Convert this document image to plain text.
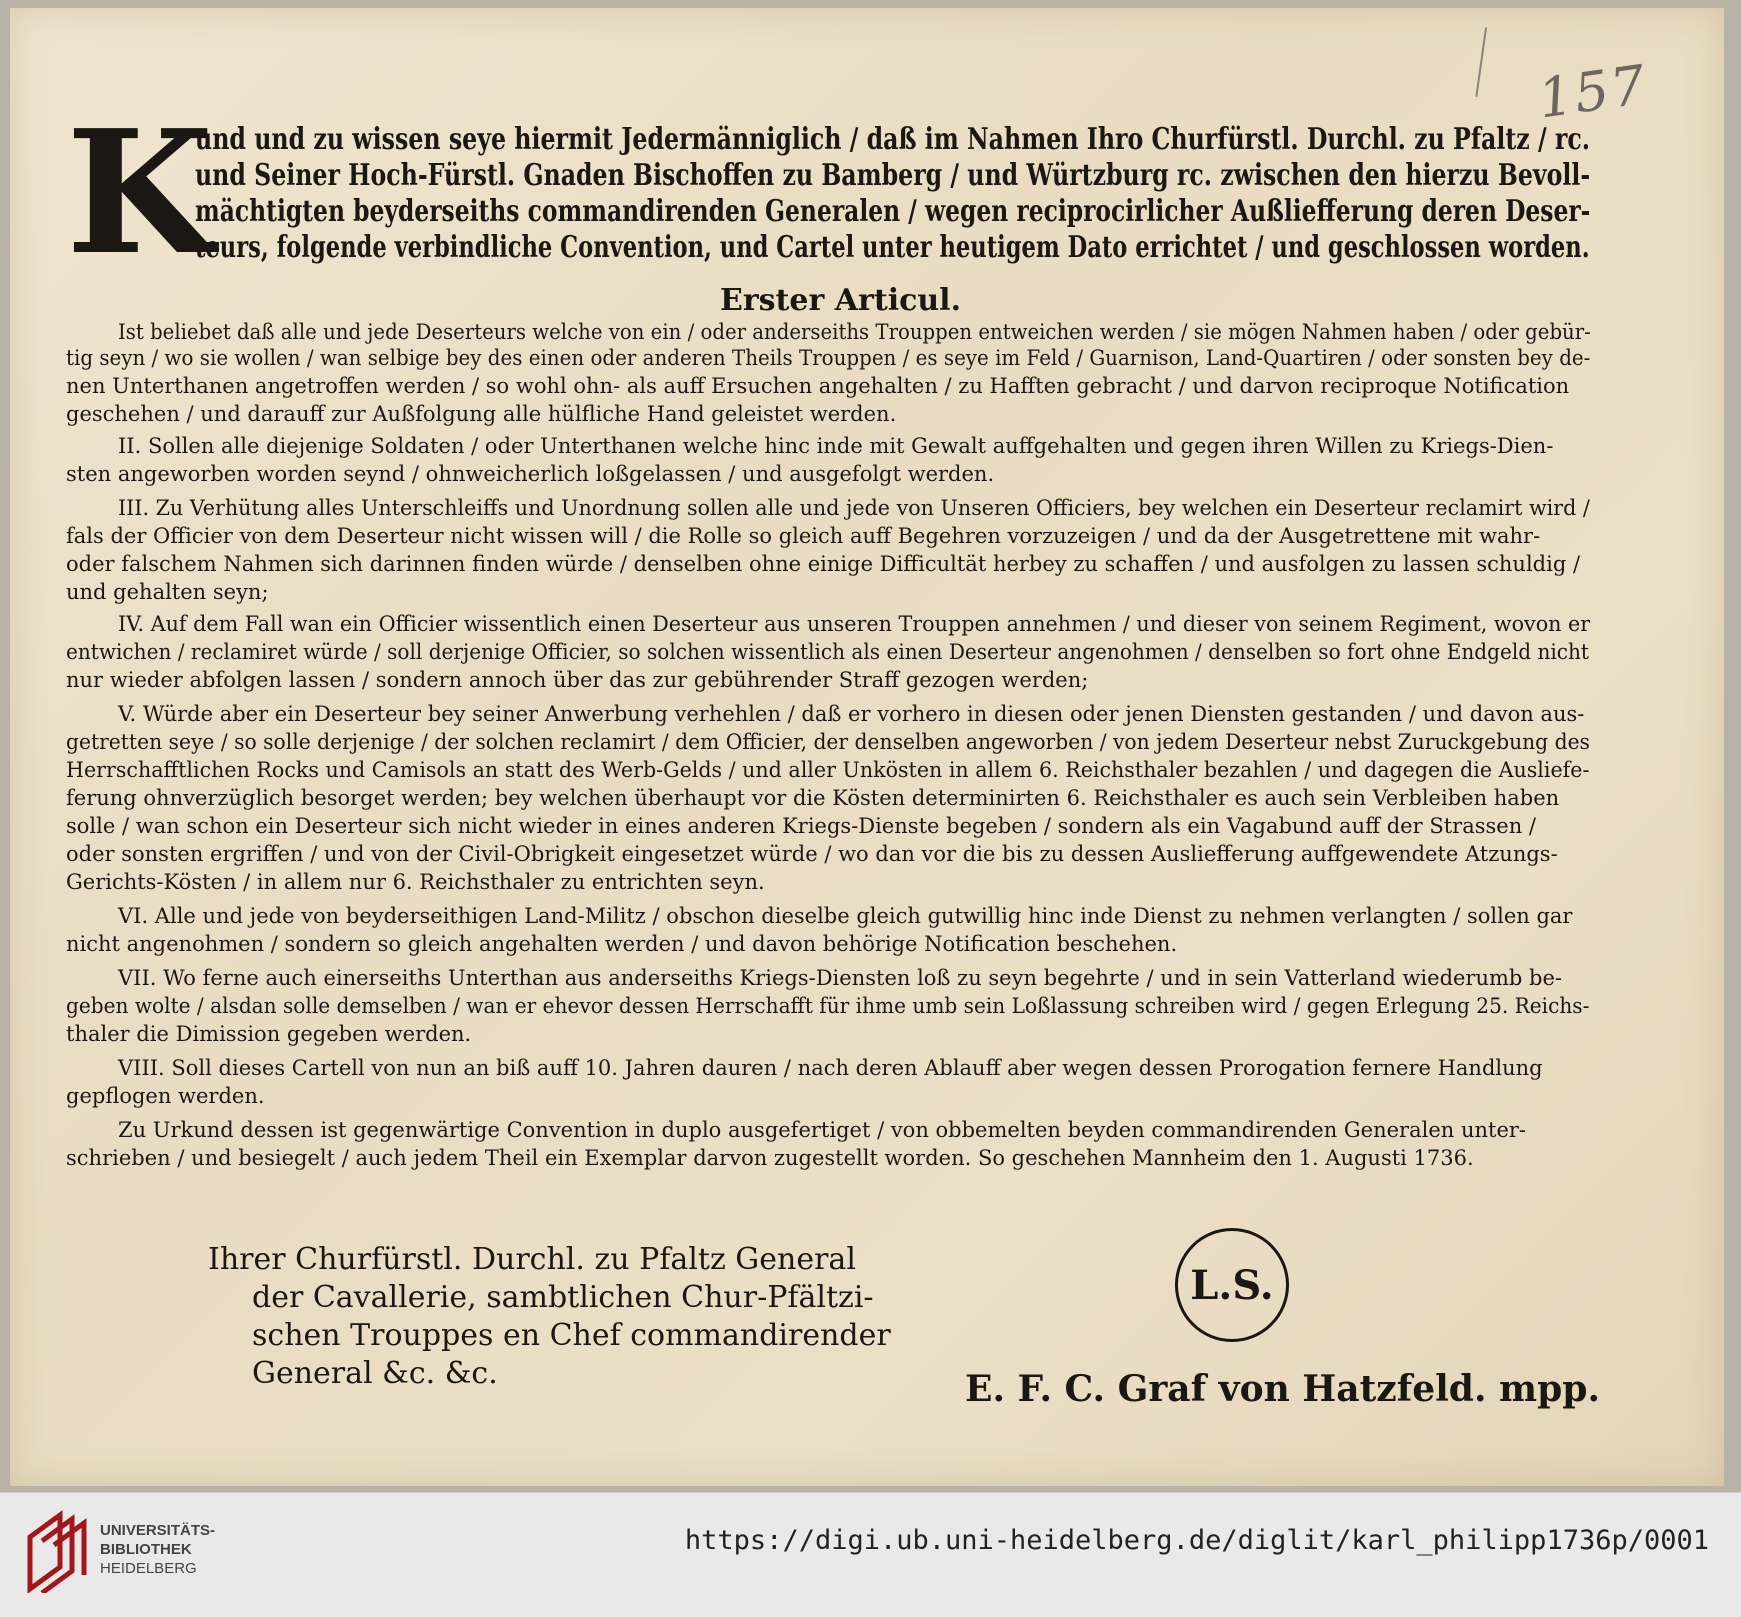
157
K
und und zu wissen seye hiermit Jedermänniglich / daß im Nahmen Ihro Churfürstl. Durchl. zu Pfaltz / rc.
und Seiner Hoch-Fürstl. Gnaden Bischoffen zu Bamberg / und Würtzburg rc. zwischen den hierzu Bevoll-
mächtigten beyderseiths commandirenden Generalen / wegen reciprocirlicher Außliefferung deren Deser-
teurs, folgende verbindliche Convention, und Cartel unter heutigem Dato errichtet / und geschlossen worden.
Erster Articul.
Ist beliebet daß alle und jede Deserteurs welche von ein / oder anderseiths Trouppen entweichen werden / sie mögen Nahmen haben / oder gebür-
tig seyn / wo sie wollen / wan selbige bey des einen oder anderen Theils Trouppen / es seye im Feld / Guarnison, Land-Quartiren / oder sonsten bey de-
nen Unterthanen angetroffen werden / so wohl ohn- als auff Ersuchen angehalten / zu Hafften gebracht / und darvon reciproque Notification
geschehen / und darauff zur Außfolgung alle hülfliche Hand geleistet werden.
II. Sollen alle diejenige Soldaten / oder Unterthanen welche hinc inde mit Gewalt auffgehalten und gegen ihren Willen zu Kriegs-Dien-
sten angeworben worden seynd / ohnweicherlich loßgelassen / und ausgefolgt werden.
III. Zu Verhütung alles Unterschleiffs und Unordnung sollen alle und jede von Unseren Officiers, bey welchen ein Deserteur reclamirt wird /
fals der Officier von dem Deserteur nicht wissen will / die Rolle so gleich auff Begehren vorzuzeigen / und da der Ausgetrettene mit wahr-
oder falschem Nahmen sich darinnen finden würde / denselben ohne einige Difficultät herbey zu schaffen / und ausfolgen zu lassen schuldig /
und gehalten seyn;
IV. Auf dem Fall wan ein Officier wissentlich einen Deserteur aus unseren Trouppen annehmen / und dieser von seinem Regiment, wovon er
entwichen / reclamiret würde / soll derjenige Officier, so solchen wissentlich als einen Deserteur angenohmen / denselben so fort ohne Endgeld nicht
nur wieder abfolgen lassen / sondern annoch über das zur gebührender Straff gezogen werden;
V. Würde aber ein Deserteur bey seiner Anwerbung verhehlen / daß er vorhero in diesen oder jenen Diensten gestanden / und davon aus-
getretten seye / so solle derjenige / der solchen reclamirt / dem Officier, der denselben angeworben / von jedem Deserteur nebst Zuruckgebung des
Herrschafftlichen Rocks und Camisols an statt des Werb-Gelds / und aller Unkösten in allem 6. Reichsthaler bezahlen / und dagegen die Ausliefe-
ferung ohnverzüglich besorget werden; bey welchen überhaupt vor die Kösten determinirten 6. Reichsthaler es auch sein Verbleiben haben
solle / wan schon ein Deserteur sich nicht wieder in eines anderen Kriegs-Dienste begeben / sondern als ein Vagabund auff der Strassen /
oder sonsten ergriffen / und von der Civil-Obrigkeit eingesetzet würde / wo dan vor die bis zu dessen Ausliefferung auffgewendete Atzungs-
Gerichts-Kösten / in allem nur 6. Reichsthaler zu entrichten seyn.
VI. Alle und jede von beyderseithigen Land-Militz / obschon dieselbe gleich gutwillig hinc inde Dienst zu nehmen verlangten / sollen gar
nicht angenohmen / sondern so gleich angehalten werden / und davon behörige Notification beschehen.
VII. Wo ferne auch einerseiths Unterthan aus anderseiths Kriegs-Diensten loß zu seyn begehrte / und in sein Vatterland wiederumb be-
geben wolte / alsdan solle demselben / wan er ehevor dessen Herrschafft für ihme umb sein Loßlassung schreiben wird / gegen Erlegung 25. Reichs-
thaler die Dimission gegeben werden.
VIII. Soll dieses Cartell von nun an biß auff 10. Jahren dauren / nach deren Ablauff aber wegen dessen Prorogation fernere Handlung
gepflogen werden.
Zu Urkund dessen ist gegenwärtige Convention in duplo ausgefertiget / von obbemelten beyden commandirenden Generalen unter-
schrieben / und besiegelt / auch jedem Theil ein Exemplar darvon zugestellt worden. So geschehen Mannheim den 1. Augusti 1736.
Ihrer Churfürstl. Durchl. zu Pfaltz General
der Cavallerie, sambtlichen Chur-Pfältzi-
schen Trouppes en Chef commandirender
General &c. &c.
L.S.
E. F. C. Graf von Hatzfeld. mpp.
UNIVERSITÄTS-
BIBLIOTHEK
HEIDELBERG
https://digi.ub.uni-heidelberg.de/diglit/karl_philipp1736p/0001
